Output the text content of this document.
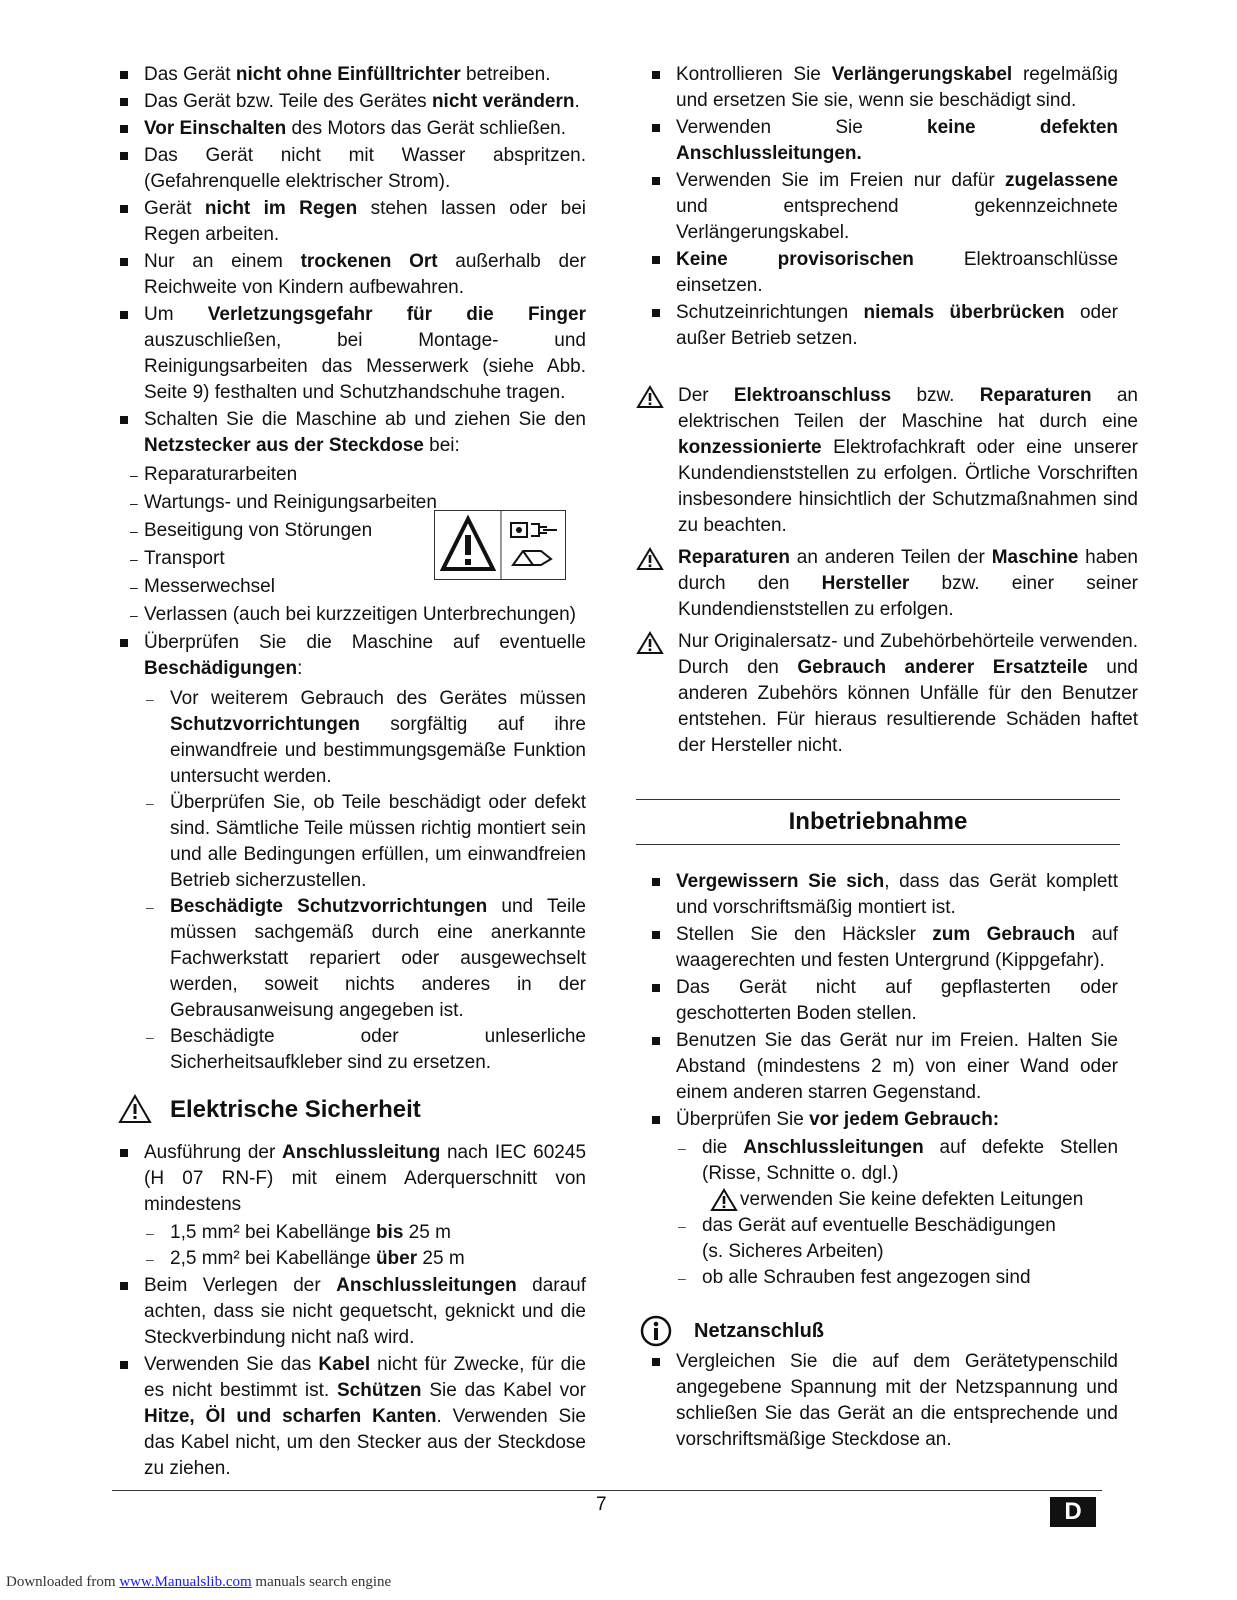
Das Gerät nicht ohne Einfülltrichter betreiben.
Das Gerät bzw. Teile des Gerätes nicht verändern.
Vor Einschalten des Motors das Gerät schließen.
Das Gerät nicht mit Wasser abspritzen. (Gefahrenquelle elektrischer Strom).
Gerät nicht im Regen stehen lassen oder bei Regen arbeiten.
Nur an einem trockenen Ort außerhalb der Reichweite von Kindern aufbewahren.
Um Verletzungsgefahr für die Finger auszuschließen, bei Montage- und Reinigungsarbeiten das Messerwerk (siehe Abb. Seite 9) festhalten und Schutzhandschuhe tragen.
Schalten Sie die Maschine ab und ziehen Sie den Netzstecker aus der Steckdose bei:
– Reparaturarbeiten
– Wartungs- und Reinigungsarbeiten
– Beseitigung von Störungen
– Transport
– Messerwechsel
– Verlassen (auch bei kurzzeitigen Unterbrechungen)
Überprüfen Sie die Maschine auf eventuelle Beschädigungen:
– Vor weiterem Gebrauch des Gerätes müssen Schutzvorrichtungen sorgfältig auf ihre einwandfreie und bestimmungsgemäße Funktion untersucht werden.
– Überprüfen Sie, ob Teile beschädigt oder defekt sind. Sämtliche Teile müssen richtig montiert sein und alle Bedingungen erfüllen, um einwandfreien Betrieb sicherzustellen.
– Beschädigte Schutzvorrichtungen und Teile müssen sachgemäß durch eine anerkannte Fachwerkstatt repariert oder ausgewechselt werden, soweit nichts anderes in der Gebrausanweisung angegeben ist.
– Beschädigte oder unleserliche Sicherheitsaufkleber sind zu ersetzen.
Elektrische Sicherheit
Ausführung der Anschlussleitung nach IEC 60245 (H 07 RN-F) mit einem Aderquerschnitt von mindestens
– 1,5 mm² bei Kabellänge bis 25 m
– 2,5 mm² bei Kabellänge über 25 m
Beim Verlegen der Anschlussleitungen darauf achten, dass sie nicht gequetscht, geknickt und die Steckverbindung nicht naß wird.
Verwenden Sie das Kabel nicht für Zwecke, für die es nicht bestimmt ist. Schützen Sie das Kabel vor Hitze, Öl und scharfen Kanten. Verwenden Sie das Kabel nicht, um den Stecker aus der Steckdose zu ziehen.
Kontrollieren Sie Verlängerungskabel regelmäßig und ersetzen Sie sie, wenn sie beschädigt sind.
Verwenden Sie keine defekten Anschlussleitungen.
Verwenden Sie im Freien nur dafür zugelassene und entsprechend gekennzeichnete Verlängerungskabel.
Keine provisorischen Elektroanschlüsse einsetzen.
Schutzeinrichtungen niemals überbrücken oder außer Betrieb setzen.
Der Elektroanschluss bzw. Reparaturen an elektrischen Teilen der Maschine hat durch eine konzessionierte Elektrofachkraft oder eine unserer Kundendienststellen zu erfolgen. Örtliche Vorschriften insbesondere hinsichtlich der Schutzmaßnahmen sind zu beachten.
Reparaturen an anderen Teilen der Maschine haben durch den Hersteller bzw. einer seiner Kundendienststellen zu erfolgen.
Nur Originalersatz- und Zubehörbehörteile verwenden. Durch den Gebrauch anderer Ersatzteile und anderen Zubehörs können Unfälle für den Benutzer entstehen. Für hieraus resultierende Schäden haftet der Hersteller nicht.
Inbetriebnahme
Vergewissern Sie sich, dass das Gerät komplett und vorschriftsmäßig montiert ist.
Stellen Sie den Häcksler zum Gebrauch auf waagerechten und festen Untergrund (Kippgefahr).
Das Gerät nicht auf gepflasterten oder geschotterten Boden stellen.
Benutzen Sie das Gerät nur im Freien. Halten Sie Abstand (mindestens 2 m) von einer Wand oder einem anderen starren Gegenstand.
Überprüfen Sie vor jedem Gebrauch:
– die Anschlussleitungen auf defekte Stellen (Risse, Schnitte o. dgl.)
verwenden Sie keine defekten Leitungen
– das Gerät auf eventuelle Beschädigungen (s. Sicheres Arbeiten)
– ob alle Schrauben fest angezogen sind
Netzanschluß
Vergleichen Sie die auf dem Gerätetypenschild angegebene Spannung mit der Netzspannung und schließen Sie das Gerät an die entsprechende und vorschriftsmäßige Steckdose an.
7	D
Downloaded from www.Manualslib.com manuals search engine
